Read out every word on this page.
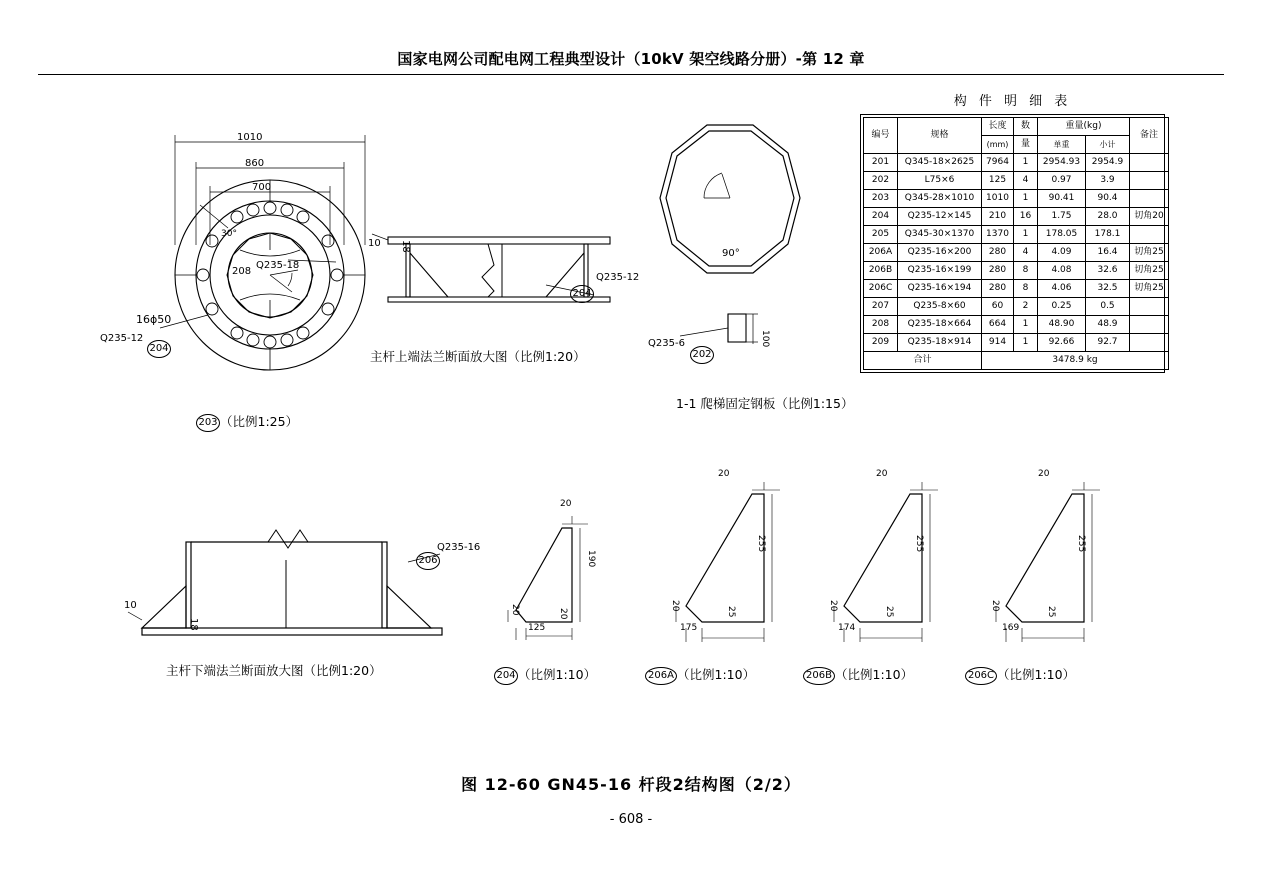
国家电网公司配电网工程典型设计（10kV 架空线路分册）-第 12 章
构 件 明 细 表
编号	规格	长度	数	重量(kg)		备注
		(mm)	量	单重	小计	
201	Q345-18×2625	7964	1	2954.93	2954.9	
202	L75×6	125	4	0.97	3.9	
203	Q345-28×1010	1010	1	90.41	90.4	
204	Q235-12×145	210	16	1.75	28.0	切角20
205	Q345-30×1370	1370	1	178.05	178.1	
206A	Q235-16×200	280	4	4.09	16.4	切角25
206B	Q235-16×199	280	8	4.08	32.6	切角25
206C	Q235-16×194	280	8	4.06	32.5	切角25
207	Q235-8×60	60	2	0.25	0.5	
208	Q235-18×664	664	1	48.90	48.9	
209	Q235-18×914	914	1	92.66	92.7	
合计		3478.9 kg				
1010
860
700
Q235-18
208
30°
16ϕ50
Q235-12
204
203 （比例1:25）
10 18
Q235-12
204
主杆上端法兰断面放大图（比例1:20）
90°
Q235-6
202
100
1-1 爬梯固定钢板（比例1:15）
10
18
Q235-16
206
主杆下端法兰断面放大图（比例1:20）
20
20
125
20
190
204 （比例1:10）
20
20
175
25
255
206A （比例1:10）
20
20
174
25
255
206B （比例1:10）
20
20
169
25
255
206C （比例1:10）
图 12-60 GN45-16 杆段2结构图（2/2）
- 608 -
